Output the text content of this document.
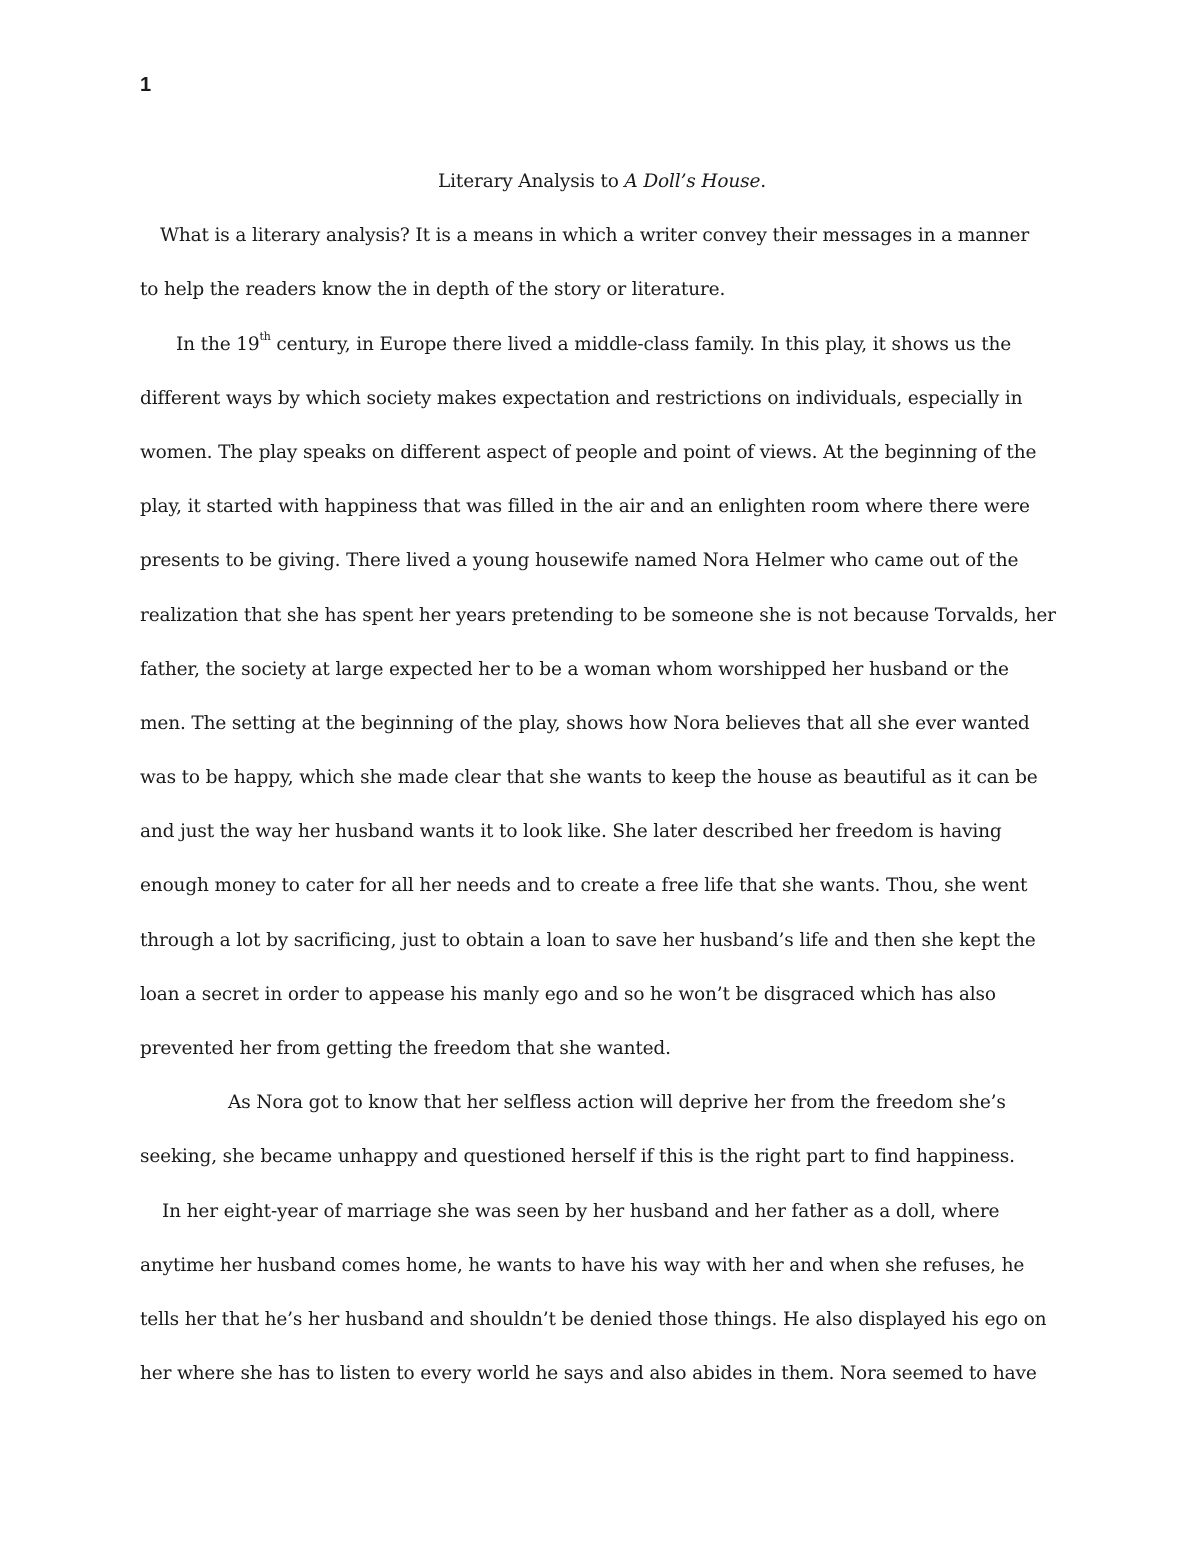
1
Literary Analysis to A Doll’s House.
What is a literary analysis? It is a means in which a writer convey their messages in a manner
to help the readers know the in depth of the story or literature.
In the 19th century, in Europe there lived a middle-class family. In this play, it shows us the
different ways by which society makes expectation and restrictions on individuals, especially in
women. The play speaks on different aspect of people and point of views. At the beginning of the
play, it started with happiness that was filled in the air and an enlighten room where there were
presents to be giving. There lived a young housewife named Nora Helmer who came out of the
realization that she has spent her years pretending to be someone she is not because Torvalds, her
father, the society at large expected her to be a woman whom worshipped her husband or the
men. The setting at the beginning of the play, shows how Nora believes that all she ever wanted
was to be happy, which she made clear that she wants to keep the house as beautiful as it can be
and just the way her husband wants it to look like. She later described her freedom is having
enough money to cater for all her needs and to create a free life that she wants. Thou, she went
through a lot by sacrificing, just to obtain a loan to save her husband’s life and then she kept the
loan a secret in order to appease his manly ego and so he won’t be disgraced which has also
prevented her from getting the freedom that she wanted.
As Nora got to know that her selfless action will deprive her from the freedom she’s
seeking, she became unhappy and questioned herself if this is the right part to find happiness.
In her eight-year of marriage she was seen by her husband and her father as a doll, where
anytime her husband comes home, he wants to have his way with her and when she refuses, he
tells her that he’s her husband and shouldn’t be denied those things. He also displayed his ego on
her where she has to listen to every world he says and also abides in them. Nora seemed to have
